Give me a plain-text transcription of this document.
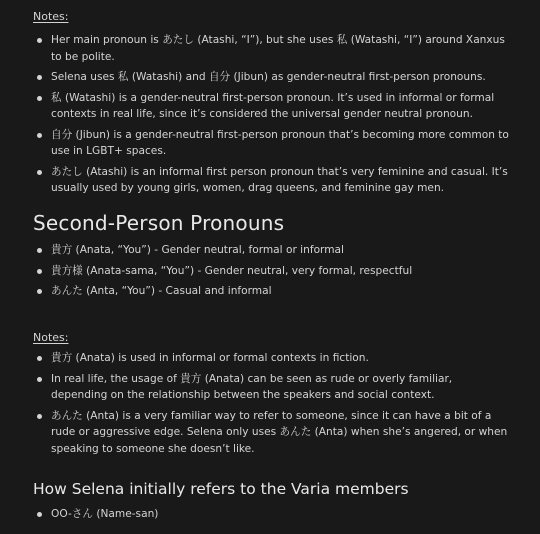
Notes:
Her main pronoun is あたし (Atashi, “I”), but she uses 私 (Watashi, “I”) around Xanxus to be polite.
Selena uses 私 (Watashi) and 自分 (Jibun) as gender-neutral first-person pronouns.
私 (Watashi) is a gender-neutral first-person pronoun. It’s used in informal or formal contexts in real life, since it’s considered the universal gender neutral pronoun.
自分 (Jibun) is a gender-neutral first-person pronoun that’s becoming more common to use in LGBT+ spaces.
あたし (Atashi) is an informal first person pronoun that’s very feminine and casual. It’s usually used by young girls, women, drag queens, and feminine gay men.
Second-Person Pronouns
貴方 (Anata, “You”) - Gender neutral, formal or informal
貴方様 (Anata-sama, “You”) - Gender neutral, very formal, respectful
あんた (Anta, “You”) - Casual and informal
Notes:
貴方 (Anata) is used in informal or formal contexts in fiction.
In real life, the usage of 貴方 (Anata) can be seen as rude or overly familiar, depending on the relationship between the speakers and social context.
あんた (Anta) is a very familiar way to refer to someone, since it can have a bit of a rude or aggressive edge. Selena only uses あんた (Anta) when she’s angered, or when speaking to someone she doesn’t like.
How Selena initially refers to the Varia members
OO-さん (Name-san)
